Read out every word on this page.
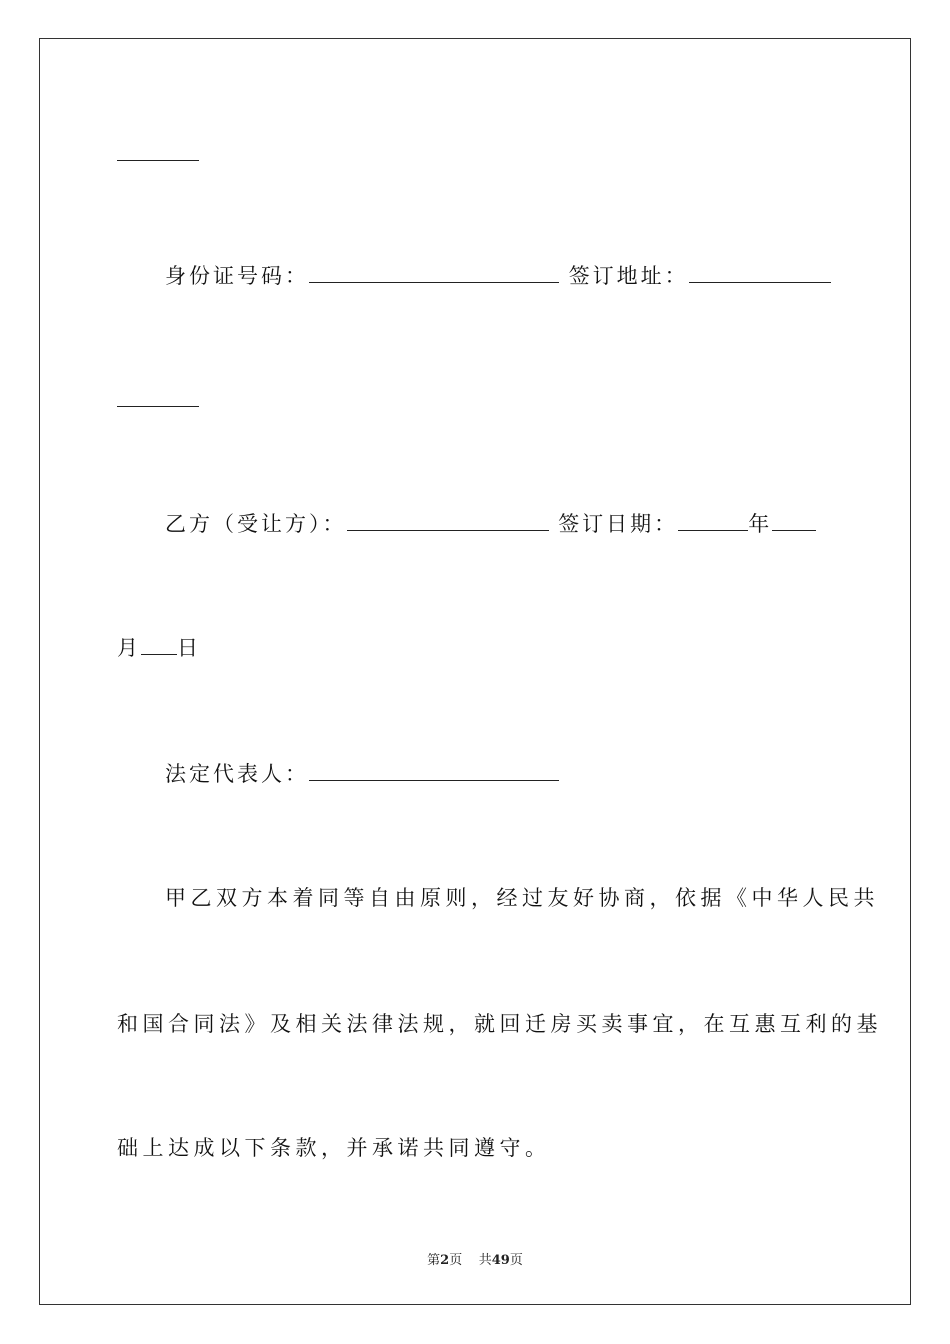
身份证号码：	签订地址：
乙方（受让方）：	签订日期：	年
月 日
法定代表人：
甲乙双方本着同等自由原则，经过友好协商，依据《中华人民共
和国合同法》及相关法律法规，就回迁房买卖事宜，在互惠互利的基
础上达成以下条款，并承诺共同遵守。
第2页 共49页
